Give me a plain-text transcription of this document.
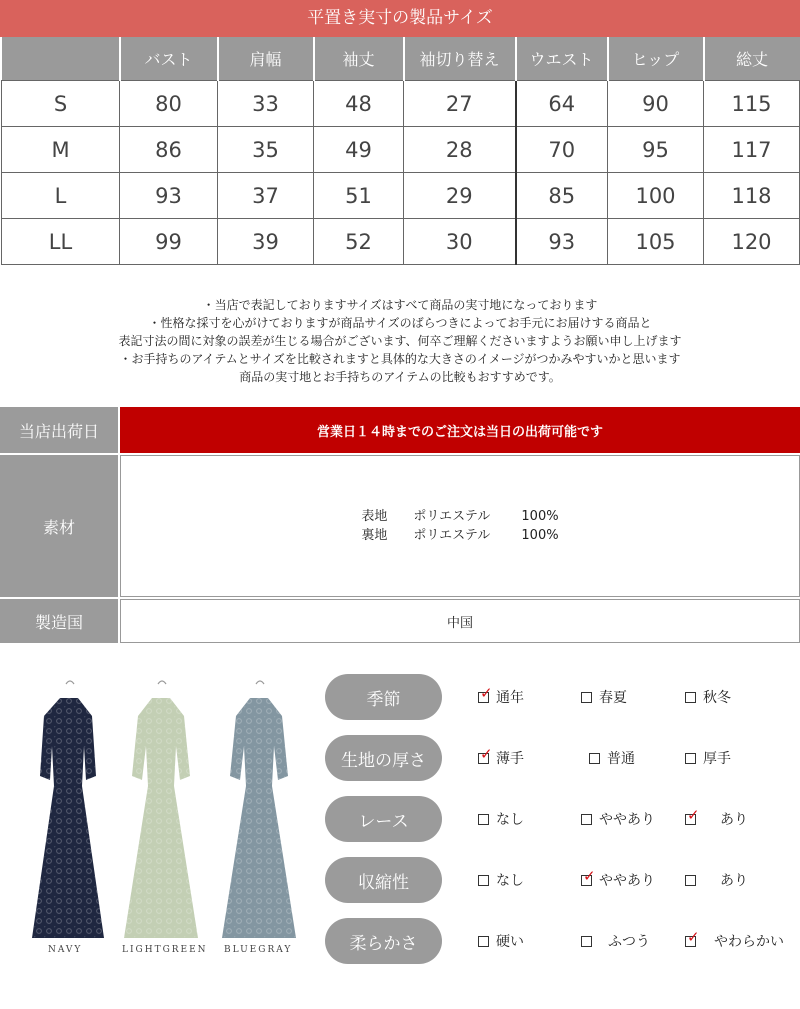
平置き実寸の製品サイズ
	バスト	肩幅	袖丈	袖切り替え	ウエスト	ヒップ	総丈
S	80	33	48	27	64	90	115
M	86	35	49	28	70	95	117
L	93	37	51	29	85	100	118
LL	99	39	52	30	93	105	120
・当店で表記しておりますサイズはすべて商品の実寸地になっております
・性格な採寸を心がけておりますが商品サイズのばらつきによってお手元にお届けする商品と
表記寸法の間に対象の誤差が生じる場合がございます、何卒ご理解くださいますようお願い申し上げます
・お手持ちのアイテムとサイズを比較されますと具体的な大きさのイメージがつかみやすいかと思います
商品の実寸地とお手持ちのアイテムの比較もおすすめです。
当店出荷日	営業日１４時までのご注文は当日の出荷可能です
素材
表地	ポリエステル	100%
裏地	ポリエステル	100%
製造国	中国
NAVY	LIGHTGREEN BLUEGRAY
季節	✓ 通年	春夏	秋冬
生地の厚さ	✓ 薄手	普通	厚手
レース	なし	ややあり ✓ あり
収縮性	なし	✓ ややあり	あり
柔らかさ	硬い	ふつう ✓ やわらかい
